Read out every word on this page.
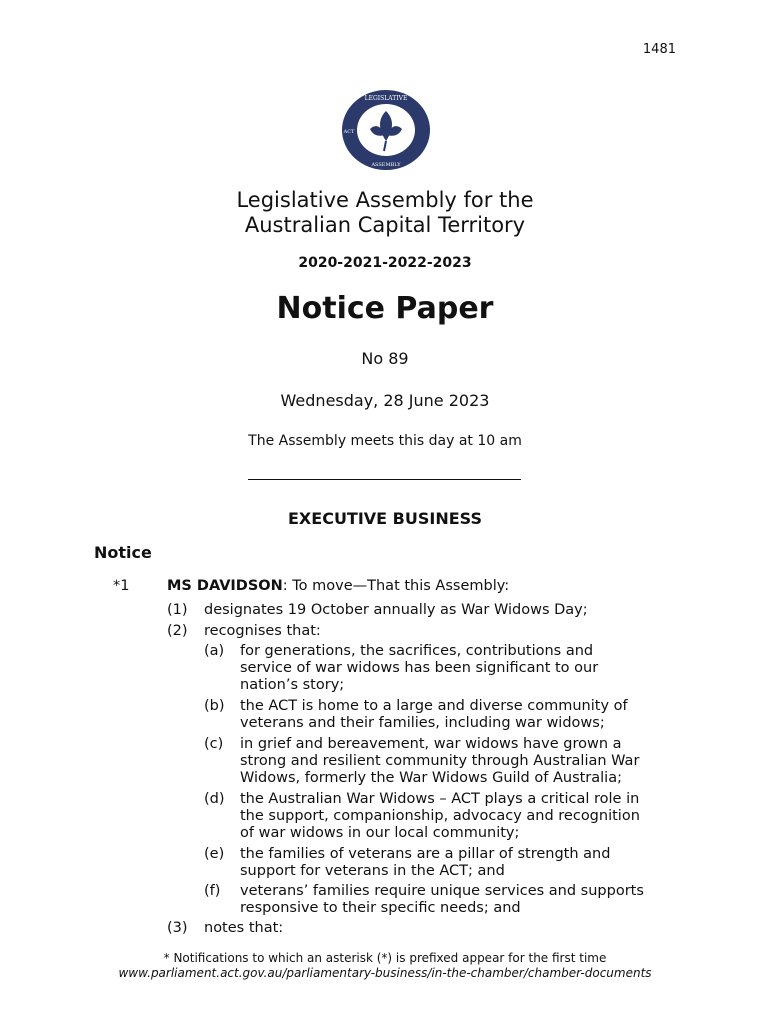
1481
LEGISLATIVE
ACT
ASSEMBLY
Legislative Assembly for the
Australian Capital Territory
2020-2021-2022-2023
Notice Paper
No 89
Wednesday, 28 June 2023
The Assembly meets this day at 10 am
EXECUTIVE BUSINESS
Notice
*1	MS DAVIDSON: To move—That this Assembly:
(1) designates 19 October annually as War Widows Day;
(2) recognises that:
(a) for generations, the sacrifices, contributions and
service of war widows has been significant to our
nation’s story;
(b) the ACT is home to a large and diverse community of
veterans and their families, including war widows;
(c) in grief and bereavement, war widows have grown a
strong and resilient community through Australian War
Widows, formerly the War Widows Guild of Australia;
(d) the Australian War Widows – ACT plays a critical role in
the support, companionship, advocacy and recognition
of war widows in our local community;
(e) the families of veterans are a pillar of strength and
support for veterans in the ACT; and
(f) veterans’ families require unique services and supports
responsive to their specific needs; and
(3) notes that:
* Notifications to which an asterisk (*) is prefixed appear for the first time
www.parliament.act.gov.au/parliamentary-business/in-the-chamber/chamber-documents
